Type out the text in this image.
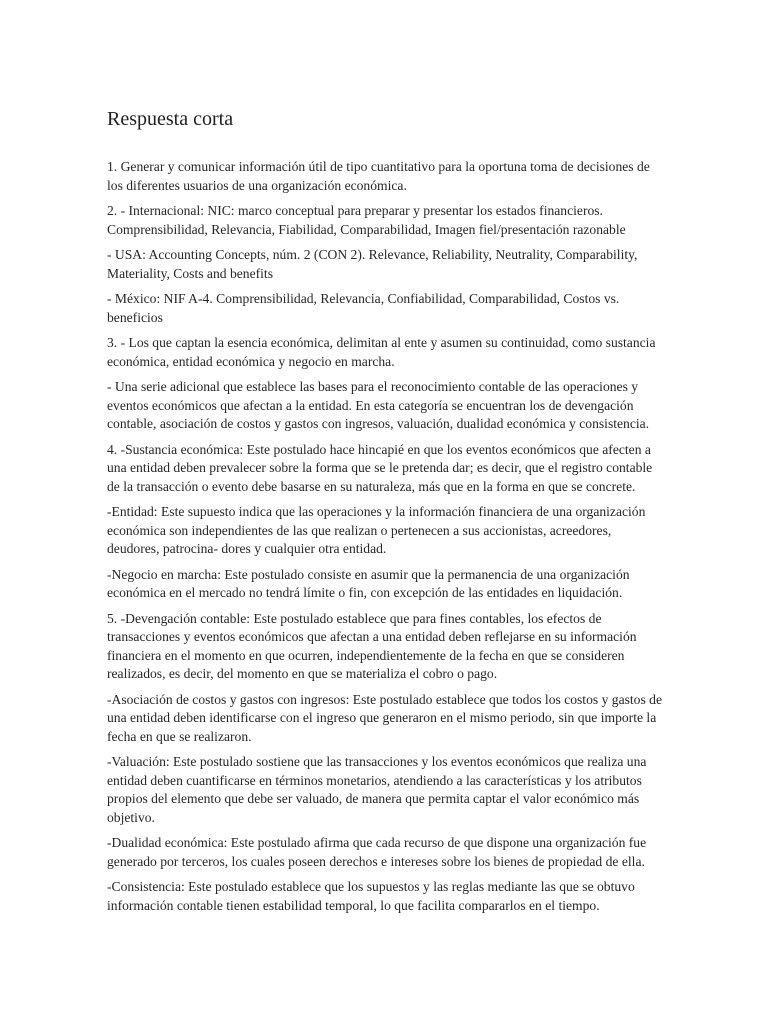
Respuesta corta

1. Generar y comunicar información útil de tipo cuantitativo para la oportuna toma de decisiones de los diferentes usuarios de una organización económica.

2. - Internacional: NIC: marco conceptual para preparar y presentar los estados financieros. Comprensibilidad, Relevancia, Fiabilidad, Comparabilidad, Imagen fiel/presentación razonable

- USA: Accounting Concepts, núm. 2 (CON 2). Relevance, Reliability, Neutrality, Comparability, Materiality, Costs and benefits

- México: NIF A-4. Comprensibilidad, Relevancia, Confiabilidad, Comparabilidad, Costos vs. beneficios

3. - Los que captan la esencia económica, delimitan al ente y asumen su continuidad, como sustancia económica, entidad económica y negocio en marcha.

- Una serie adicional que establece las bases para el reconocimiento contable de las operaciones y eventos económicos que afectan a la entidad. En esta categoría se encuentran los de devengación contable, asociación de costos y gastos con ingresos, valuación, dualidad económica y consistencia.

4. -Sustancia económica: Este postulado hace hincapié en que los eventos económicos que afecten a una entidad deben prevalecer sobre la forma que se le pretenda dar; es decir, que el registro contable de la transacción o evento debe basarse en su naturaleza, más que en la forma en que se concrete.

-Entidad: Este supuesto indica que las operaciones y la información financiera de una organización económica son independientes de las que realizan o pertenecen a sus accionistas, acreedores, deudores, patrocina- dores y cualquier otra entidad.

-Negocio en marcha: Este postulado consiste en asumir que la permanencia de una organización económica en el mercado no tendrá límite o fin, con excepción de las entidades en liquidación.

5. -Devengación contable: Este postulado establece que para fines contables, los efectos de transacciones y eventos económicos que afectan a una entidad deben reflejarse en su información financiera en el momento en que ocurren, independientemente de la fecha en que se consideren realizados, es decir, del momento en que se materializa el cobro o pago.

-Asociación de costos y gastos con ingresos: Este postulado establece que todos los costos y gastos de una entidad deben identificarse con el ingreso que generaron en el mismo periodo, sin que importe la fecha en que se realizaron.

-Valuación: Este postulado sostiene que las transacciones y los eventos económicos que realiza una entidad deben cuantificarse en términos monetarios, atendiendo a las características y los atributos propios del elemento que debe ser valuado, de manera que permita captar el valor económico más objetivo.

-Dualidad económica: Este postulado afirma que cada recurso de que dispone una organización fue generado por terceros, los cuales poseen derechos e intereses sobre los bienes de propiedad de ella.

-Consistencia: Este postulado establece que los supuestos y las reglas mediante las que se obtuvo información contable tienen estabilidad temporal, lo que facilita compararlos en el tiempo.
